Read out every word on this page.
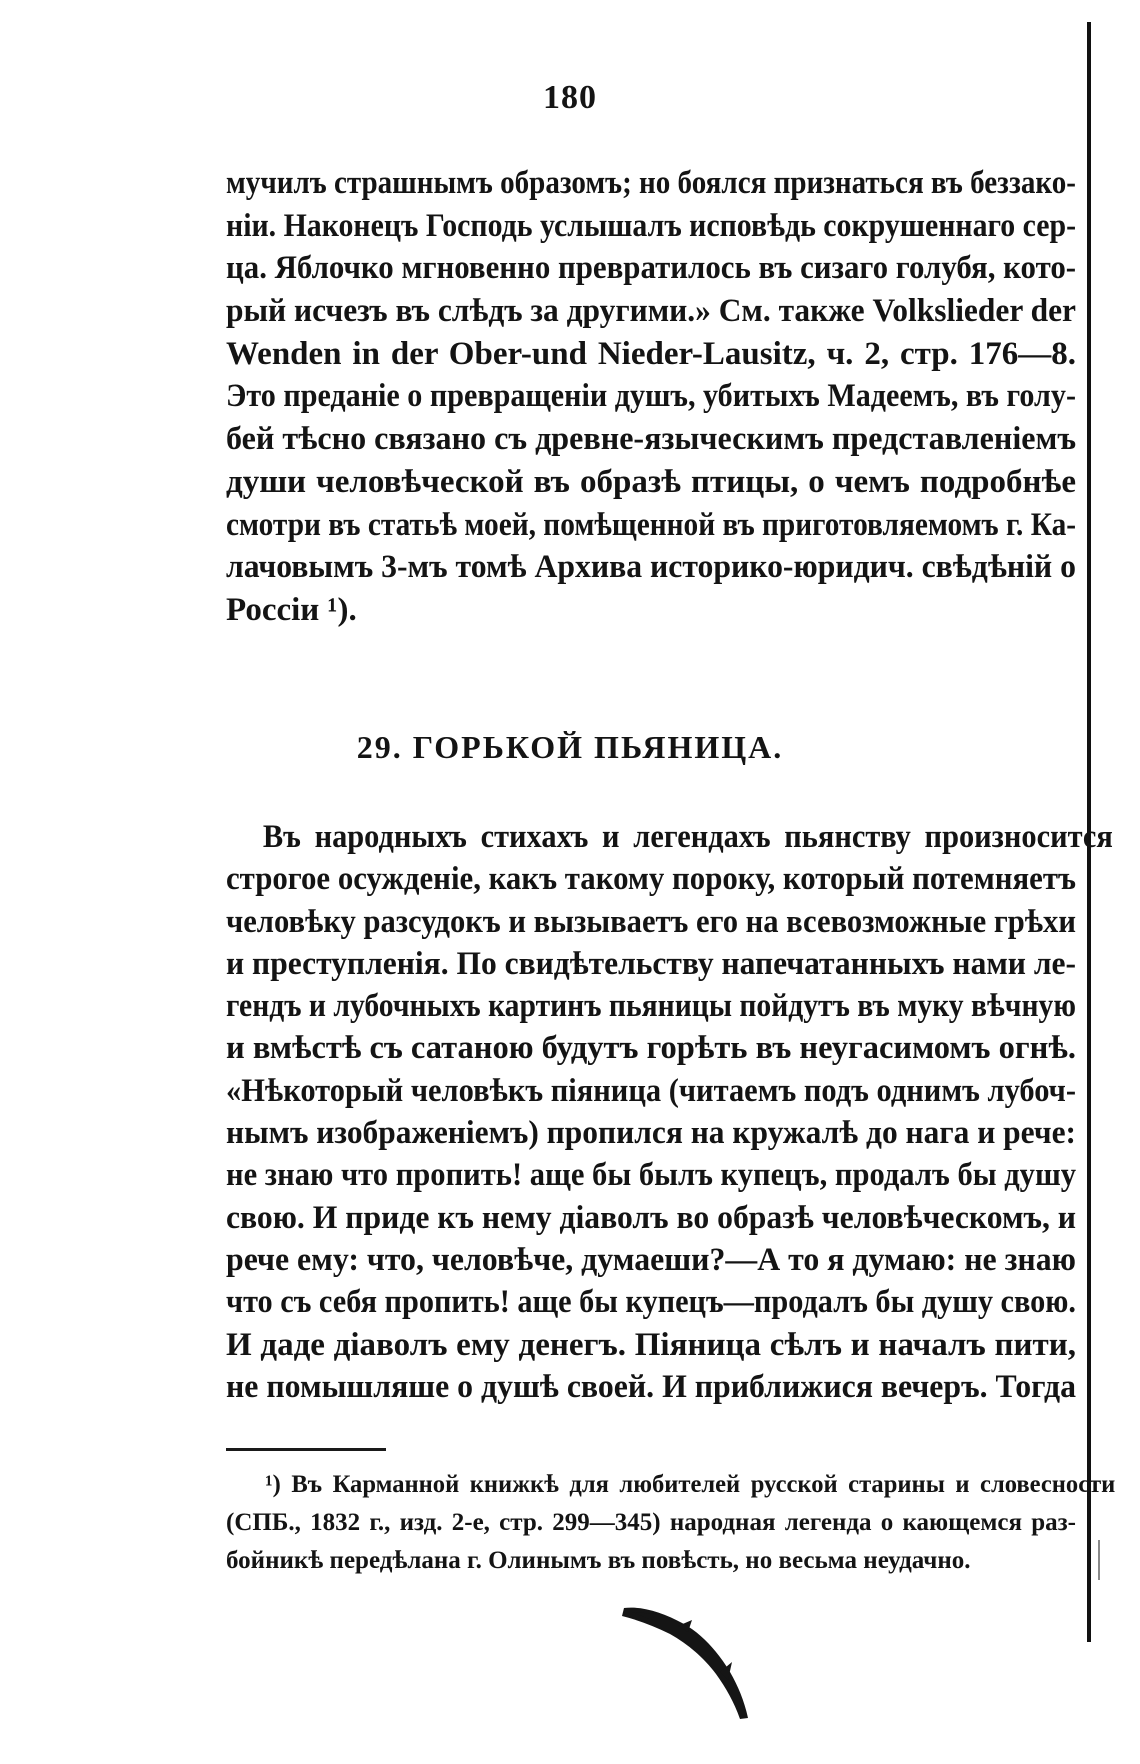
180
мучилъ страшнымъ образомъ; но боялся признаться въ беззако-
ніи. Наконецъ Господь услышалъ исповѣдь сокрушеннаго сер-
ца. Яблочко мгновенно превратилось въ сизаго голубя, кото-
рый исчезъ въ слѣдъ за другими.» См. также Volkslieder der
Wenden in der Ober-und Nieder-Lausitz, ч. 2, стр. 176—8.
Это преданіе о превращеніи душъ, убитыхъ Мадеемъ, въ голу-
бей тѣсно связано съ древне-языческимъ представленіемъ
души человѣческой въ образѣ птицы, о чемъ подробнѣе
смотри въ статьѣ моей, помѣщенной въ приготовляемомъ г. Ка-
лачовымъ 3-мъ томѣ Архива историко-юридич. свѣдѣній о
Россіи ¹).
29. ГОРЬКОЙ ПЬЯНИЦА.
Въ народныхъ стихахъ и легендахъ пьянству произносится
строгое осужденіе, какъ такому пороку, который потемняетъ
человѣку разсудокъ и вызываетъ его на всевозможные грѣхи
и преступленія. По свидѣтельству напечатанныхъ нами ле-
гендъ и лубочныхъ картинъ пьяницы пойдутъ въ муку вѣчную
и вмѣстѣ съ сатаною будутъ горѣть въ неугасимомъ огнѣ.
«Нѣкоторый человѣкъ піяница (читаемъ подъ однимъ лубоч-
нымъ изображеніемъ) пропился на кружалѣ до нага и рече:
не знаю что пропить! аще бы былъ купецъ, продалъ бы душу
свою. И приде къ нему діаволъ во образѣ человѣческомъ, и
рече ему: что, человѣче, думаеши?—А то я думаю: не знаю
что съ себя пропить! аще бы купецъ—продалъ бы душу свою.
И даде діаволъ ему денегъ. Піяница сѣлъ и началъ пити,
не помышляше о душѣ своей. И приближися вечеръ. Тогда
¹) Въ Карманной книжкѣ для любителей русской старины и словесности
(СПБ., 1832 г., изд. 2-е, стр. 299—345) народная легенда о кающемся раз-
бойникѣ передѣлана г. Олинымъ въ повѣсть, но весьма неудачно.
